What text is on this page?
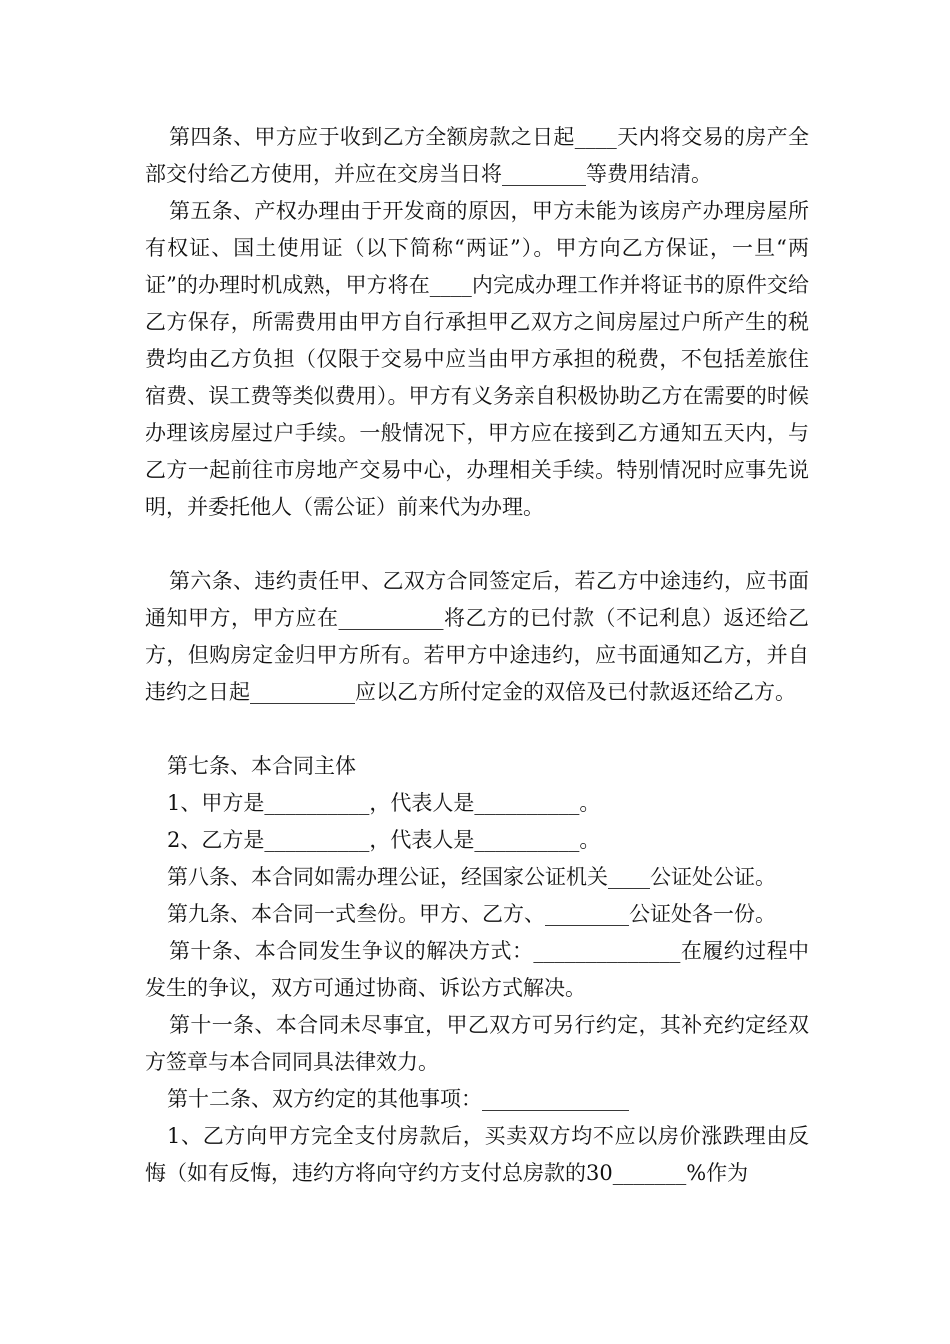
第四条、甲方应于收到乙方全额房款之日起____天内将交易的房产全部交付给乙方使用，并应在交房当日将________等费用结清。

第五条、产权办理由于开发商的原因，甲方未能为该房产办理房屋所有权证、国土使用证（以下简称“两证”）。甲方向乙方保证，一旦“两证”的办理时机成熟，甲方将在____内完成办理工作并将证书的原件交给乙方保存，所需费用由甲方自行承担甲乙双方之间房屋过户所产生的税费均由乙方负担（仅限于交易中应当由甲方承担的税费，不包括差旅住宿费、误工费等类似费用）。甲方有义务亲自积极协助乙方在需要的时候办理该房屋过户手续。一般情况下，甲方应在接到乙方通知五天内，与乙方一起前往市房地产交易中心，办理相关手续。特别情况时应事先说明，并委托他人（需公证）前来代为办理。

第六条、违约责任甲、乙双方合同签定后，若乙方中途违约，应书面通知甲方，甲方应在__________将乙方的已付款（不记利息）返还给乙方，但购房定金归甲方所有。若甲方中途违约，应书面通知乙方，并自违约之日起__________应以乙方所付定金的双倍及已付款返还给乙方。

第七条、本合同主体

1、甲方是__________，代表人是__________。

2、乙方是__________，代表人是__________。

第八条、本合同如需办理公证，经国家公证机关____公证处公证。

第九条、本合同一式叁份。甲方、乙方、________公证处各一份。

第十条、本合同发生争议的解决方式：______________在履约过程中发生的争议，双方可通过协商、诉讼方式解决。

第十一条、本合同未尽事宜，甲乙双方可另行约定，其补充约定经双方签章与本合同同具法律效力。

第十二条、双方约定的其他事项：______________

1、乙方向甲方完全支付房款后，买卖双方均不应以房价涨跌理由反悔（如有反悔，违约方将向守约方支付总房款的30_______%作为
